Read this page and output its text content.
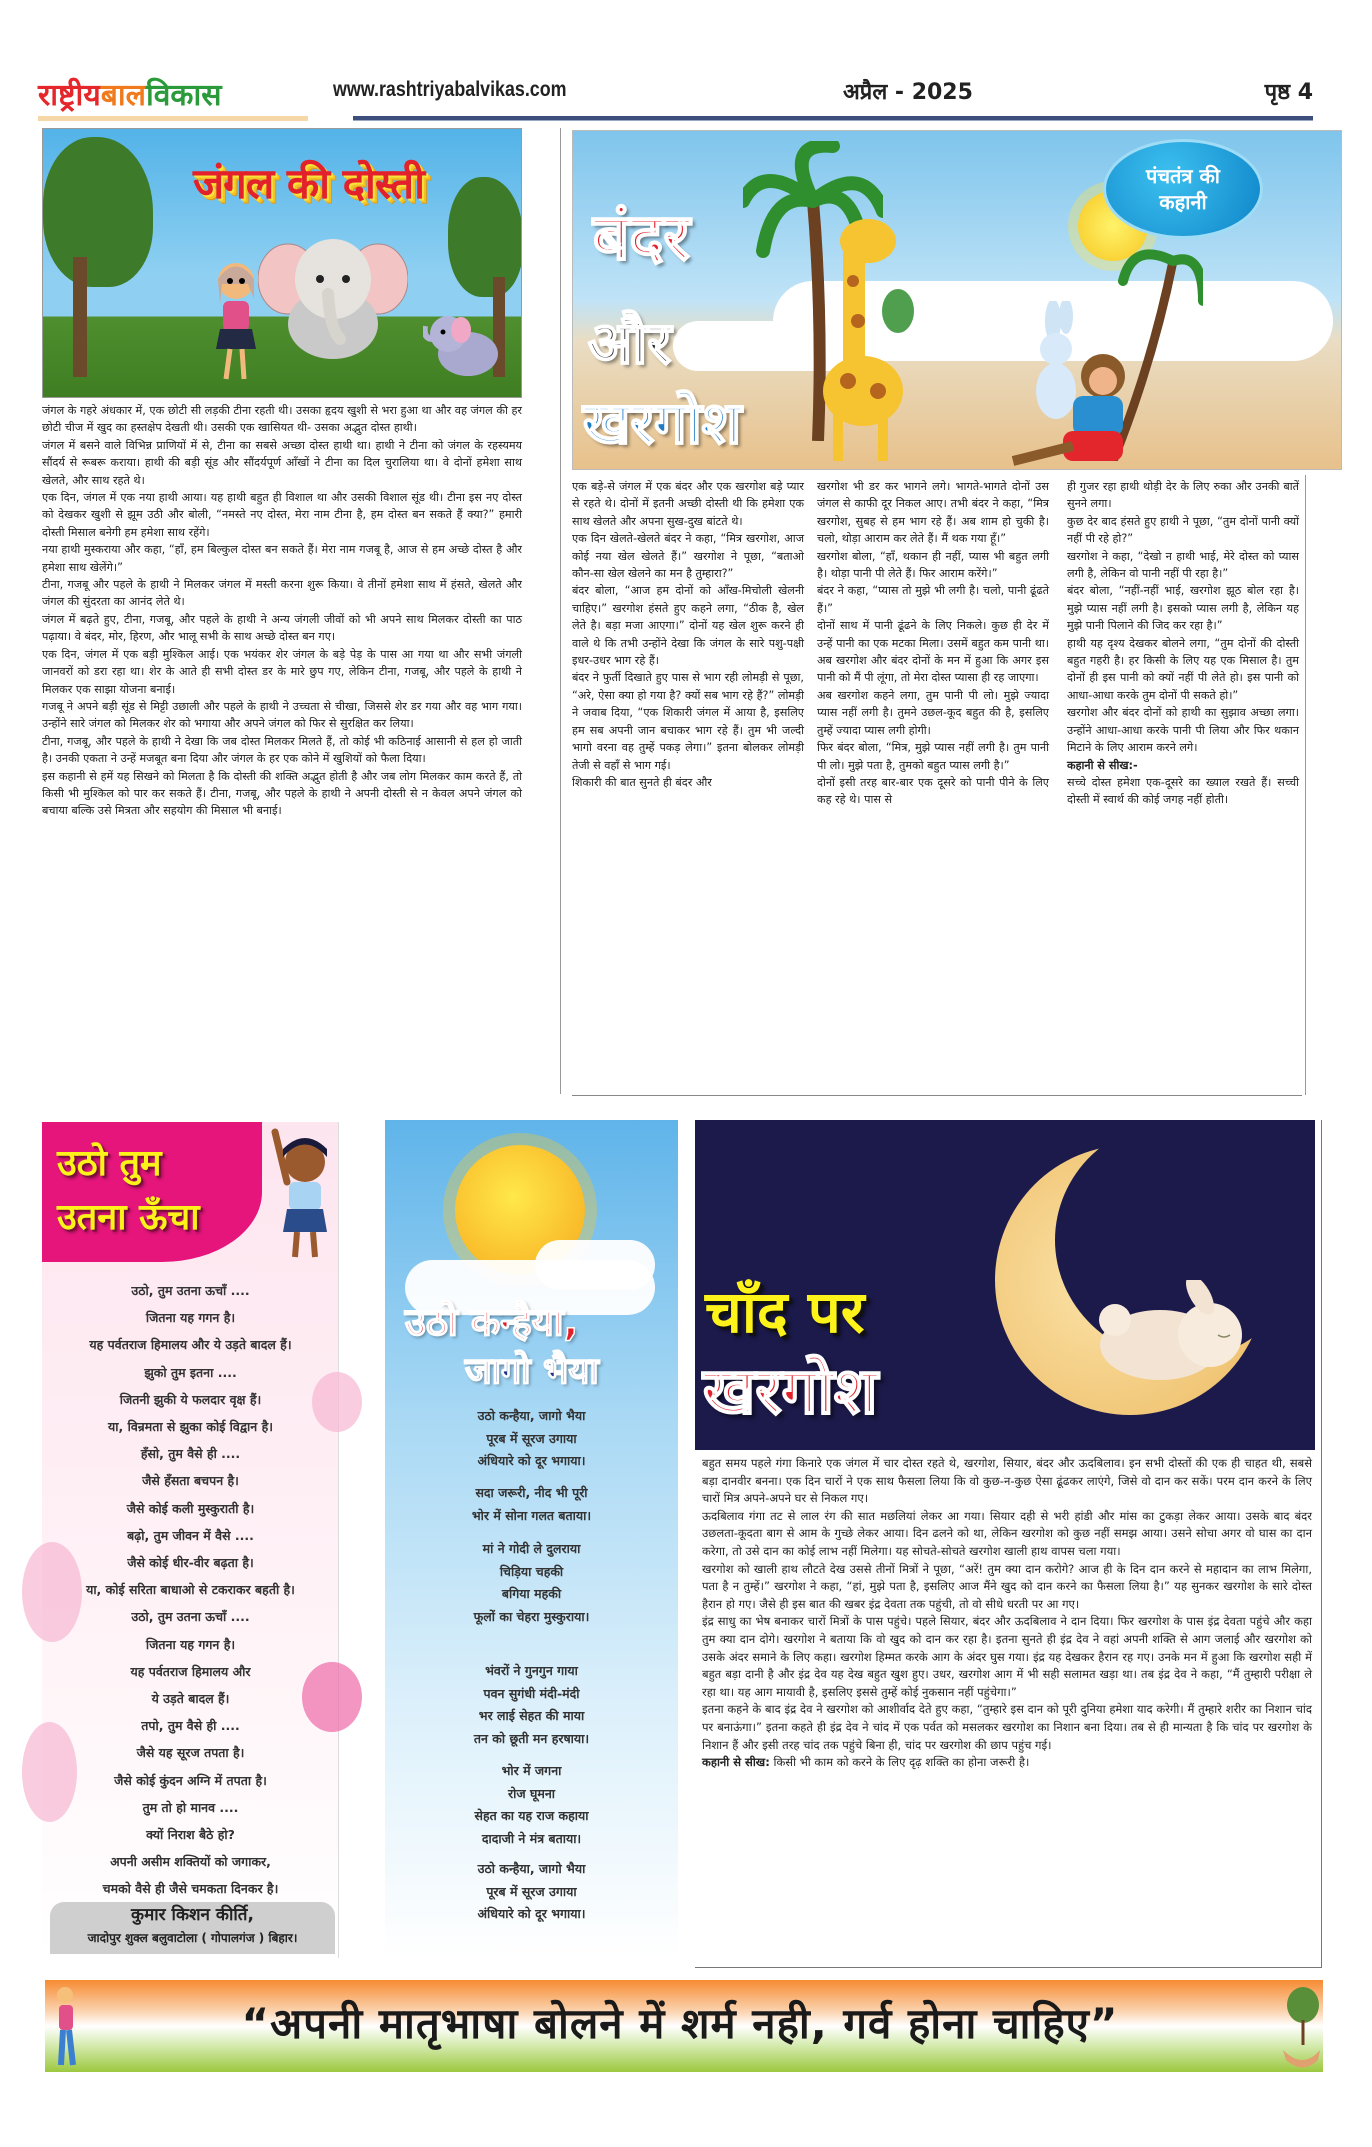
राष्ट्रीय बाल विकास	www.rashtriyabalvikas.com	अप्रैल - 2025	पृष्ठ 4
जंगल की दोस्ती

जंगल के गहरे अंधकार में, एक छोटी सी लड़की टीना रहती थी। उसका हृदय खुशी से भरा हुआ था और वह जंगल की हर छोटी चीज में खुद का हस्तक्षेप देखती थी। उसकी एक खासियत थी- उसका अद्भुत दोस्त हाथी।

जंगल में बसने वाले विभिन्न प्राणियों में से, टीना का सबसे अच्छा दोस्त हाथी था। हाथी ने टीना को जंगल के रहस्यमय सौंदर्य से रूबरू कराया। हाथी की बड़ी सूंड और सौंदर्यपूर्ण आँखों ने टीना का दिल चुरालिया था। वे दोनों हमेशा साथ खेलते, और साथ रहते थे।

एक दिन, जंगल में एक नया हाथी आया। यह हाथी बहुत ही विशाल था और उसकी विशाल सूंड थी। टीना इस नए दोस्त को देखकर खुशी से झूम उठी और बोली, “नमस्ते नए दोस्त, मेरा नाम टीना है, हम दोस्त बन सकते हैं क्या?” हमारी दोस्ती मिसाल बनेगी हम हमेशा साथ रहेंगे।

नया हाथी मुस्कराया और कहा, “हाँ, हम बिल्कुल दोस्त बन सकते हैं। मेरा नाम गजबू है, आज से हम अच्छे दोस्त है और हमेशा साथ खेलेंगे।”

टीना, गजबू और पहले के हाथी ने मिलकर जंगल में मस्ती करना शुरू किया। वे तीनों हमेशा साथ में हंसते, खेलते और जंगल की सुंदरता का आनंद लेते थे।

जंगल में बढ़ते हुए, टीना, गजबू, और पहले के हाथी ने अन्य जंगली जीवों को भी अपने साथ मिलकर दोस्ती का पाठ पढ़ाया। वे बंदर, मोर, हिरण, और भालू सभी के साथ अच्छे दोस्त बन गए।

एक दिन, जंगल में एक बड़ी मुश्किल आई। एक भयंकर शेर जंगल के बड़े पेड़ के पास आ गया था और सभी जंगली जानवरों को डरा रहा था। शेर के आते ही सभी दोस्त डर के मारे छुप गए, लेकिन टीना, गजबू, और पहले के हाथी ने मिलकर एक साझा योजना बनाई।

गजबू ने अपने बड़ी सूंड से मिट्टी उछाली और पहले के हाथी ने उच्चता से चीखा, जिससे शेर डर गया और वह भाग गया। उन्होंने सारे जंगल को मिलकर शेर को भगाया और अपने जंगल को फिर से सुरक्षित कर लिया।

टीना, गजबू, और पहले के हाथी ने देखा कि जब दोस्त मिलकर मिलते हैं, तो कोई भी कठिनाई आसानी से हल हो जाती है। उनकी एकता ने उन्हें मजबूत बना दिया और जंगल के हर एक कोने में खुशियों को फैला दिया।

इस कहानी से हमें यह सिखने को मिलता है कि दोस्ती की शक्ति अद्भुत होती है और जब लोग मिलकर काम करते हैं, तो किसी भी मुश्किल को पार कर सकते हैं। टीना, गजबू, और पहले के हाथी ने अपनी दोस्ती से न केवल अपने जंगल को बचाया बल्कि उसे मित्रता और सहयोग की मिसाल भी बनाई।

पंचतंत्र की
कहानी
बंदर
और
खरगोश

एक बड़े-से जंगल में एक बंदर और एक खरगोश बड़े प्यार से रहते थे। दोनों में इतनी अच्छी दोस्ती थी कि हमेशा एक साथ खेलते और अपना सुख-दुख बांटते थे।

एक दिन खेलते-खेलते बंदर ने कहा, “मित्र खरगोश, आज कोई नया खेल खेलते हैं।” खरगोश ने पूछा, “बताओ कौन-सा खेल खेलने का मन है तुम्हारा?”

बंदर बोला, “आज हम दोनों को आँख-मिचोली खेलनी चाहिए।” खरगोश हंसते हुए कहने लगा, “ठीक है, खेल लेते है। बड़ा मजा आएगा।” दोनों यह खेल शुरू करने ही वाले थे कि तभी उन्होंने देखा कि जंगल के सारे पशु-पक्षी इधर-उधर भाग रहे हैं।

बंदर ने फुर्ती दिखाते हुए पास से भाग रही लोमड़ी से पूछा, “अरे, ऐसा क्या हो गया है? क्यों सब भाग रहे हैं?” लोमड़ी ने जवाब दिया, “एक शिकारी जंगल में आया है, इसलिए हम सब अपनी जान बचाकर भाग रहे हैं। तुम भी जल्दी भागो वरना वह तुम्हें पकड़ लेगा।” इतना बोलकर लोमड़ी तेजी से वहाँ से भाग गई।

शिकारी की बात सुनते ही बंदर और

खरगोश भी डर कर भागने लगे। भागते-भागते दोनों उस जंगल से काफी दूर निकल आए। तभी बंदर ने कहा, “मित्र खरगोश, सुबह से हम भाग रहे हैं। अब शाम हो चुकी है। चलो, थोड़ा आराम कर लेते हैं। मैं थक गया हूँ।”

खरगोश बोला, “हाँ, थकान ही नहीं, प्यास भी बहुत लगी है। थोड़ा पानी पी लेते हैं। फिर आराम करेंगे।”

बंदर ने कहा, “प्यास तो मुझे भी लगी है। चलो, पानी ढूंढते हैं।”

दोनों साथ में पानी ढूंढने के लिए निकले। कुछ ही देर में उन्हें पानी का एक मटका मिला। उसमें बहुत कम पानी था। अब खरगोश और बंदर दोनों के मन में हुआ कि अगर इस पानी को मैं पी लूंगा, तो मेरा दोस्त प्यासा ही रह जाएगा।

अब खरगोश कहने लगा, तुम पानी पी लो। मुझे ज्यादा प्यास नहीं लगी है। तुमने उछल-कूद बहुत की है, इसलिए तुम्हें ज्यादा प्यास लगी होगी।

फिर बंदर बोला, “मित्र, मुझे प्यास नहीं लगी है। तुम पानी पी लो। मुझे पता है, तुमको बहुत प्यास लगी है।”

दोनों इसी तरह बार-बार एक दूसरे को पानी पीने के लिए कह रहे थे। पास से

ही गुजर रहा हाथी थोड़ी देर के लिए रुका और उनकी बातें सुनने लगा।

कुछ देर बाद हंसते हुए हाथी ने पूछा, “तुम दोनों पानी क्यों नहीं पी रहे हो?”

खरगोश ने कहा, “देखो न हाथी भाई, मेरे दोस्त को प्यास लगी है, लेकिन वो पानी नहीं पी रहा है।”

बंदर बोला, “नहीं-नहीं भाई, खरगोश झूठ बोल रहा है। मुझे प्यास नहीं लगी है। इसको प्यास लगी है, लेकिन यह मुझे पानी पिलाने की जिद कर रहा है।”

हाथी यह दृश्य देखकर बोलने लगा, “तुम दोनों की दोस्ती बहुत गहरी है। हर किसी के लिए यह एक मिसाल है। तुम दोनों ही इस पानी को क्यों नहीं पी लेते हो। इस पानी को आधा-आधा करके तुम दोनों पी सकते हो।”

खरगोश और बंदर दोनों को हाथी का सुझाव अच्छा लगा। उन्होंने आधा-आधा करके पानी पी लिया और फिर थकान मिटाने के लिए आराम करने लगे।

कहानी से सीख:-

सच्चे दोस्त हमेशा एक-दूसरे का ख्याल रखते हैं। सच्ची दोस्ती में स्वार्थ की कोई जगह नहीं होती।

उठो तुम
उतना ऊँचा
उठो, तुम उतना ऊचाँ ....
जितना यह गगन है।
यह पर्वतराज हिमालय और ये उड़ते बादल हैं।
झुको तुम इतना ....
जितनी झुकी ये फलदार वृक्ष हैं।
या, विन्रमता से झुका कोई विद्वान है।
हँसो, तुम वैसे ही ....
जैसे हँसता बचपन है।
जैसे कोई कली मुस्कुराती है।
बढ़ो, तुम जीवन में वैसे ....
जैसे कोई धीर-वीर बढ़ता है।
या, कोई सरिता बाधाओ से टकराकर बहती है।
उठो, तुम उतना ऊचाँ ....
जितना यह गगन है।
यह पर्वतराज हिमालय और
ये उड़ते बादल हैं।
तपो, तुम वैसे ही ....
जैसे यह सूरज तपता है।
जैसे कोई कुंदन अग्नि में तपता है।
तुम तो हो मानव ....
क्यों निराश बैठे हो?
अपनी असीम शक्तियों को जगाकर,
चमको वैसे ही जैसे चमकता दिनकर है।
कुमार किशन कीर्ति,
जादोपुर शुक्ल बलुवाटोला ( गोपालगंज ) बिहार।
उठो कन्हैया,
जागो भैया
उठो कन्हैया, जागो भैया
पूरब में सूरज उगाया
अंधियारे को दूर भगाया।
सदा जरूरी, नीद भी पूरी
भोर में सोना गलत बताया।
मां ने गोदी ले दुलराया
चिड़िया चहकी
बगिया महकी
फूलों का चेहरा मुस्कुराया।
भंवरों ने गुनगुन गाया
पवन सुगंधी मंदी-मंदी
भर लाई सेहत की माया
तन को छूती मन हरषाया।
भोर में जगना
रोज घूमना
सेहत का यह राज कहाया
दादाजी ने मंत्र बताया।
उठो कन्हैया, जागो भैया
पूरब में सूरज उगाया
अंधियारे को दूर भगाया।
चाँद पर
खरगोश

बहुत समय पहले गंगा किनारे एक जंगल में चार दोस्त रहते थे, खरगोश, सियार, बंदर और ऊदबिलाव। इन सभी दोस्तों की एक ही चाहत थी, सबसे बड़ा दानवीर बनना। एक दिन चारों ने एक साथ फैसला लिया कि वो कुछ-न-कुछ ऐसा ढूंढकर लाएंगे, जिसे वो दान कर सकें। परम दान करने के लिए चारों मित्र अपने-अपने घर से निकल गए।

ऊदबिलाव गंगा तट से लाल रंग की सात मछलियां लेकर आ गया। सियार दही से भरी हांडी और मांस का टुकड़ा लेकर आया। उसके बाद बंदर उछलता-कूदता बाग से आम के गुच्छे लेकर आया। दिन ढलने को था, लेकिन खरगोश को कुछ नहीं समझ आया। उसने सोचा अगर वो घास का दान करेगा, तो उसे दान का कोई लाभ नहीं मिलेगा। यह सोचते-सोचते खरगोश खाली हाथ वापस चला गया।

खरगोश को खाली हाथ लौटते देख उससे तीनों मित्रों ने पूछा, “अरें! तुम क्या दान करोगे? आज ही के दिन दान करने से महादान का लाभ मिलेगा, पता है न तुम्हें।” खरगोश ने कहा, “हां, मुझे पता है, इसलिए आज मैंने खुद को दान करने का फैसला लिया है।” यह सुनकर खरगोश के सारे दोस्त हैरान हो गए। जैसे ही इस बात की खबर इंद्र देवता तक पहुंची, तो वो सीधे धरती पर आ गए।

इंद्र साधु का भेष बनाकर चारों मित्रों के पास पहुंचे। पहले सियार, बंदर और ऊदबिलाव ने दान दिया। फिर खरगोश के पास इंद्र देवता पहुंचे और कहा तुम क्या दान दोगे। खरगोश ने बताया कि वो खुद को दान कर रहा है। इतना सुनते ही इंद्र देव ने वहां अपनी शक्ति से आग जलाई और खरगोश को उसके अंदर समाने के लिए कहा। खरगोश हिम्मत करके आग के अंदर घुस गया। इंद्र यह देखकर हैरान रह गए। उनके मन में हुआ कि खरगोश सही में बहुत बड़ा दानी है और इंद्र देव यह देख बहुत खुश हुए। उधर, खरगोश आग में भी सही सलामत खड़ा था। तब इंद्र देव ने कहा, “मैं तुम्हारी परीक्षा ले रहा था। यह आग मायावी है, इसलिए इससे तुम्हें कोई नुकसान नहीं पहुंचेगा।”

इतना कहने के बाद इंद्र देव ने खरगोश को आशीर्वाद देते हुए कहा, “तुम्हारे इस दान को पूरी दुनिया हमेशा याद करेगी। मैं तुम्हारे शरीर का निशान चांद पर बनाऊंगा।” इतना कहते ही इंद्र देव ने चांद में एक पर्वत को मसलकर खरगोश का निशान बना दिया। तब से ही मान्यता है कि चांद पर खरगोश के निशान हैं और इसी तरह चांद तक पहुंचे बिना ही, चांद पर खरगोश की छाप पहुंच गई।

कहानी से सीख: किसी भी काम को करने के लिए दृढ़ शक्ति का होना जरूरी है।

“अपनी मातृभाषा बोलने में शर्म नही, गर्व होना चाहिए”
